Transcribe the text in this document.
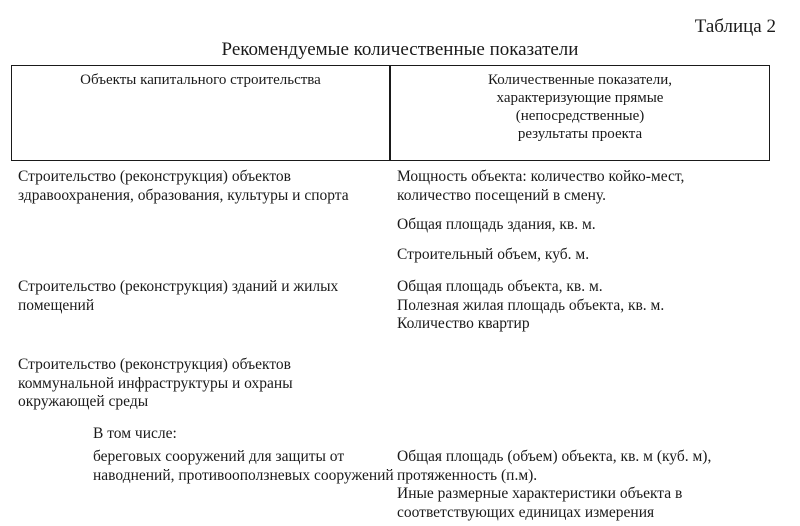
Таблица 2
Рекомендуемые количественные показатели
Объекты капитального строительства	Количественные показатели,
характеризующие прямые
(непосредственные)
результаты проекта
Строительство (реконструкция) объектов
здравоохранения, образования, культуры и спорта
Мощность объекта: количество койко-мест,
количество посещений в смену.
Общая площадь здания, кв. м.
Строительный объем, куб. м.
Строительство (реконструкция) зданий и жилых
помещений
Общая площадь объекта, кв. м.
Полезная жилая площадь объекта, кв. м.
Количество квартир
Строительство (реконструкция) объектов
коммунальной инфраструктуры и охраны
окружающей среды
В том числе:
береговых сооружений для защиты от
наводнений, противооползневых сооружений
Общая площадь (объем) объекта, кв. м (куб. м),
протяженность (п.м).
Иные размерные характеристики объекта в
соответствующих единицах измерения
